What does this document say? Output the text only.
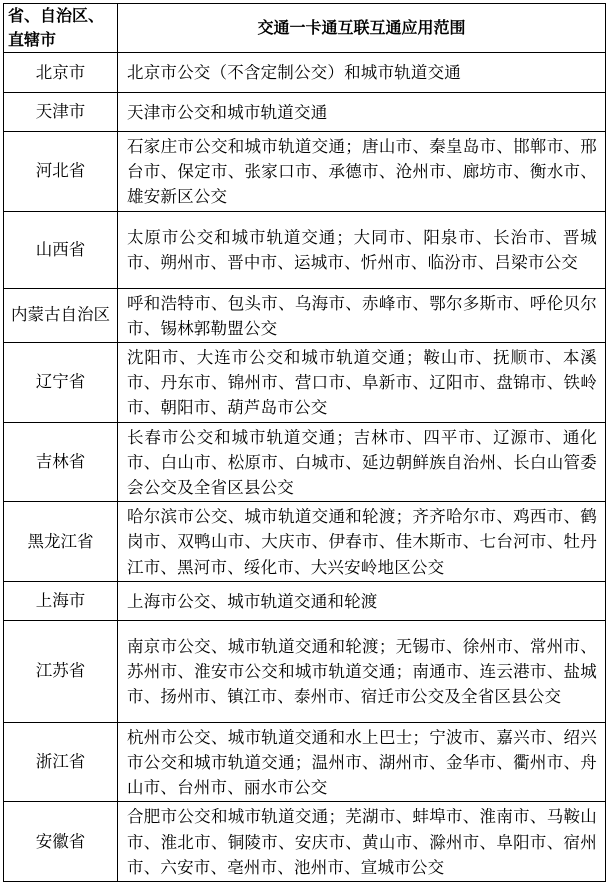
省、自治区、直辖市	交通一卡通互联互通应用范围
北京市	北京市公交（不含定制公交）和城市轨道交通
天津市	天津市公交和城市轨道交通
河北省	石家庄市公交和城市轨道交通；唐山市、秦皇岛市、邯郸市、邢台市、保定市、张家口市、承德市、沧州市、廊坊市、衡水市、雄安新区公交
山西省	太原市公交和城市轨道交通；大同市、阳泉市、长治市、晋城市、朔州市、晋中市、运城市、忻州市、临汾市、吕梁市公交
内蒙古自治区	呼和浩特市、包头市、乌海市、赤峰市、鄂尔多斯市、呼伦贝尔市、锡林郭勒盟公交
辽宁省	沈阳市、大连市公交和城市轨道交通；鞍山市、抚顺市、本溪市、丹东市、锦州市、营口市、阜新市、辽阳市、盘锦市、铁岭市、朝阳市、葫芦岛市公交
吉林省	长春市公交和城市轨道交通；吉林市、四平市、辽源市、通化市、白山市、松原市、白城市、延边朝鲜族自治州、长白山管委会公交及全省区县公交
黑龙江省	哈尔滨市公交、城市轨道交通和轮渡；齐齐哈尔市、鸡西市、鹤岗市、双鸭山市、大庆市、伊春市、佳木斯市、七台河市、牡丹江市、黑河市、绥化市、大兴安岭地区公交
上海市	上海市公交、城市轨道交通和轮渡
江苏省	南京市公交、城市轨道交通和轮渡；无锡市、徐州市、常州市、苏州市、淮安市公交和城市轨道交通；南通市、连云港市、盐城市、扬州市、镇江市、泰州市、宿迁市公交及全省区县公交
浙江省	杭州市公交、城市轨道交通和水上巴士；宁波市、嘉兴市、绍兴市公交和城市轨道交通；温州市、湖州市、金华市、衢州市、舟山市、台州市、丽水市公交
安徽省	合肥市公交和城市轨道交通；芜湖市、蚌埠市、淮南市、马鞍山市、淮北市、铜陵市、安庆市、黄山市、滁州市、阜阳市、宿州市、六安市、亳州市、池州市、宣城市公交
